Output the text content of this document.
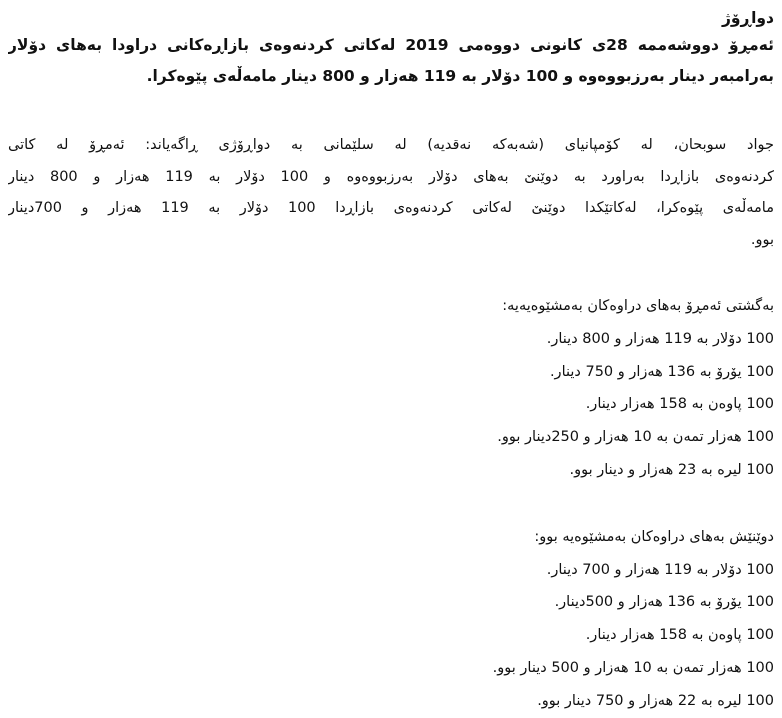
دواڕۆژ
ئەمڕۆ دووشەممە 28ی کانونی دووەمی 2019 لەکاتی کردنەوەی بازاڕەکانی دراودا بەهای دۆلار
بەرامبەر دینار بەرزبووەوە و 100 دۆلار بە 119 هەزار و 800 دینار مامەڵەی پێوەکرا.
جواد سوبحان، لە کۆمپانیای (شەبەکە نەقدیە) لە سلێمانی بە دواڕۆژی ڕاگەیاند: ئەمڕۆ لە کاتی
کردنەوەی بازاڕدا بەراورد بە دوێنێ بەهای دۆلار بەرزبووەوە و 100 دۆلار بە 119 هەزار و 800 دینار
مامەڵەی پێوەکرا، لەکاتێکدا دوێنێ لەکاتی کردنەوەی بازاڕدا 100 دۆلار بە 119 هەزار و 700دینار
بوو.
بەگشتی ئەمڕۆ بەهای دراوەکان بەمشێوەیەیە:
100 دۆلار بە 119 هەزار و 800 دینار.
100 یۆرۆ بە 136 هەزار و 750 دینار.
100 پاوەن بە 158 هەزار دینار.
100 هەزار تمەن بە 10 هەزار و 250دینار بوو.
100 لیرە بە 23 هەزار و دینار بوو.
دوێنێش بەهای دراوەکان بەمشێوەیە بوو:
100 دۆلار بە 119 هەزار و 700 دینار.
100 یۆرۆ بە 136 هەزار و 500دینار.
100 پاوەن بە 158 هەزار دینار.
100 هەزار تمەن بە 10 هەزار و 500 دینار بوو.
100 لیرە بە 22 هەزار و 750 دینار بوو.
